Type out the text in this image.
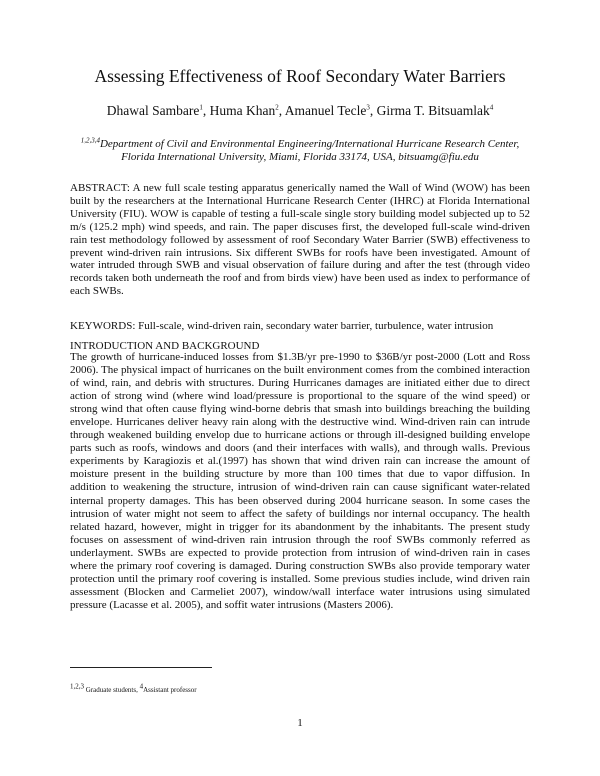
Assessing Effectiveness of Roof Secondary Water Barriers

Dhawal Sambare$^1$, Huma Khan$^2$, Amanuel Tecle$^3$, Girma T. Bitsuamlak$^4$

$^{1,2,3,4}$Department of Civil and Environmental Engineering/International Hurricane Research Center, Florida International University, Miami, Florida 33174, USA, bitsuamg@fiu.edu

ABSTRACT: A new full scale testing apparatus generically named the Wall of Wind (WOW) has been built by the researchers at the International Hurricane Research Center (IHRC) at Florida International University (FIU). WOW is capable of testing a full-scale single story building model subjected up to 52 m/s (125.2 mph) wind speeds, and rain. The paper discuses first, the developed full-scale wind-driven rain test methodology followed by assessment of roof Secondary Water Barrier (SWB) effectiveness to prevent wind-driven rain intrusions. Six different SWBs for roofs have been investigated. Amount of water intruded through SWB and visual observation of failure during and after the test (through video records taken both underneath the roof and from birds view) have been used as index to performance of each SWBs.

KEYWORDS: Full-scale, wind-driven rain, secondary water barrier, turbulence, water intrusion

INTRODUCTION AND BACKGROUND

The growth of hurricane-induced losses from $1.3B/yr pre-1990 to $36B/yr post-2000 (Lott and Ross 2006). The physical impact of hurricanes on the built environment comes from the combined interaction of wind, rain, and debris with structures. During Hurricanes damages are initiated either due to direct action of strong wind (where wind load/pressure is proportional to the square of the wind speed) or strong wind that often cause flying wind-borne debris that smash into buildings breaching the building envelope. Hurricanes deliver heavy rain along with the destructive wind. Wind-driven rain can intrude through weakened building envelop due to hurricane actions or through ill-designed building envelope parts such as roofs, windows and doors (and their interfaces with walls), and through walls. Previous experiments by Karagiozis et al.(1997) has shown that wind driven rain can increase the amount of moisture present in the building structure by more than 100 times that due to vapor diffusion. In addition to weakening the structure, intrusion of wind-driven rain can cause significant water-related internal property damages. This has been observed during 2004 hurricane season. In some cases the intrusion of water might not seem to affect the safety of buildings nor internal occupancy. The health related hazard, however, might in trigger for its abandonment by the inhabitants. The present study focuses on assessment of wind-driven rain intrusion through the roof SWBs commonly referred as underlayment. SWBs are expected to provide protection from intrusion of wind-driven rain in cases where the primary roof covering is damaged. During construction SWBs also provide temporary water protection until the primary roof covering is installed. Some previous studies include, wind driven rain assessment (Blocken and Carmeliet 2007), window/wall interface water intrusions using simulated pressure (Lacasse et al. 2005), and soffit water intrusions (Masters 2006).

$^{1,2,3}$ Graduate students, $^4$Assistant professor

1
